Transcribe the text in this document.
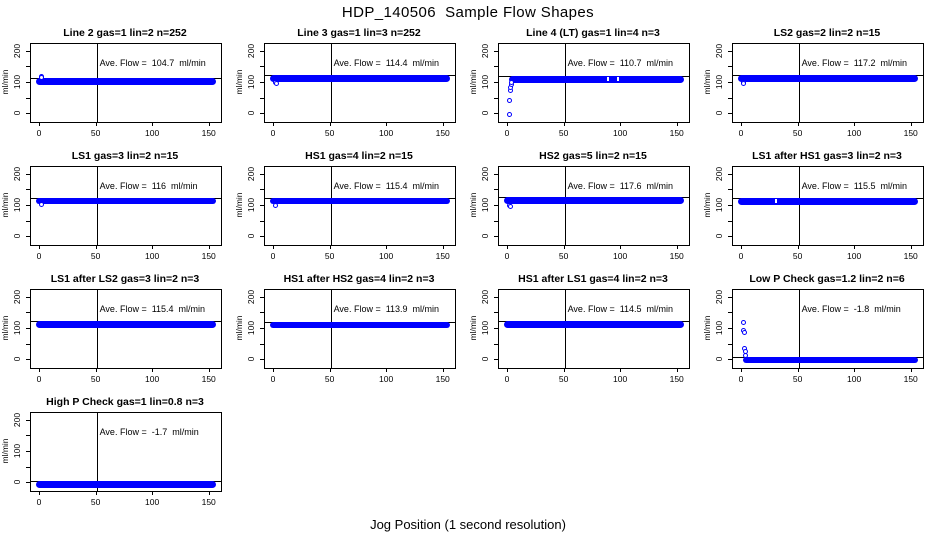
HDP_140506  Sample Flow Shapes
Line 2 gas=1 lin=2 n=252
Ave. Flow =  104.7  ml/min
0
100
200
ml/min
0	50	100	150
Line 3 gas=1 lin=3 n=252
Ave. Flow =  114.4  ml/min
0
100
200
ml/min
0	50	100	150
Line 4 (LT) gas=1 lin=4 n=3
Ave. Flow =  110.7  ml/min
0
100
200
ml/min
0	50	100	150
LS2 gas=2 lin=2 n=15
Ave. Flow =  117.2  ml/min
0
100
200
ml/min
0	50	100	150
LS1 gas=3 lin=2 n=15
Ave. Flow =  116  ml/min
0
100
200
ml/min
0	50	100	150
HS1 gas=4 lin=2 n=15
Ave. Flow =  115.4  ml/min
0
100
200
ml/min
0	50	100	150
HS2 gas=5 lin=2 n=15
Ave. Flow =  117.6  ml/min
0
100
200
ml/min
0	50	100	150
LS1 after HS1 gas=3 lin=2 n=3
Ave. Flow =  115.5  ml/min
0
100
200
ml/min
0	50	100	150
LS1 after LS2 gas=3 lin=2 n=3
Ave. Flow =  115.4  ml/min
0
100
200
ml/min
0	50	100	150
HS1 after HS2 gas=4 lin=2 n=3
Ave. Flow =  113.9  ml/min
0
100
200
ml/min
0	50	100	150
HS1 after LS1 gas=4 lin=2 n=3
Ave. Flow =  114.5  ml/min
0
100
200
ml/min
0	50	100	150
Low P Check gas=1.2 lin=2 n=6
Ave. Flow =  -1.8  ml/min
0
100
200
ml/min
0	50	100	150
High P Check gas=1 lin=0.8 n=3
Ave. Flow =  -1.7  ml/min
0
100
200
ml/min
0	50	100	150
Jog Position (1 second resolution)
